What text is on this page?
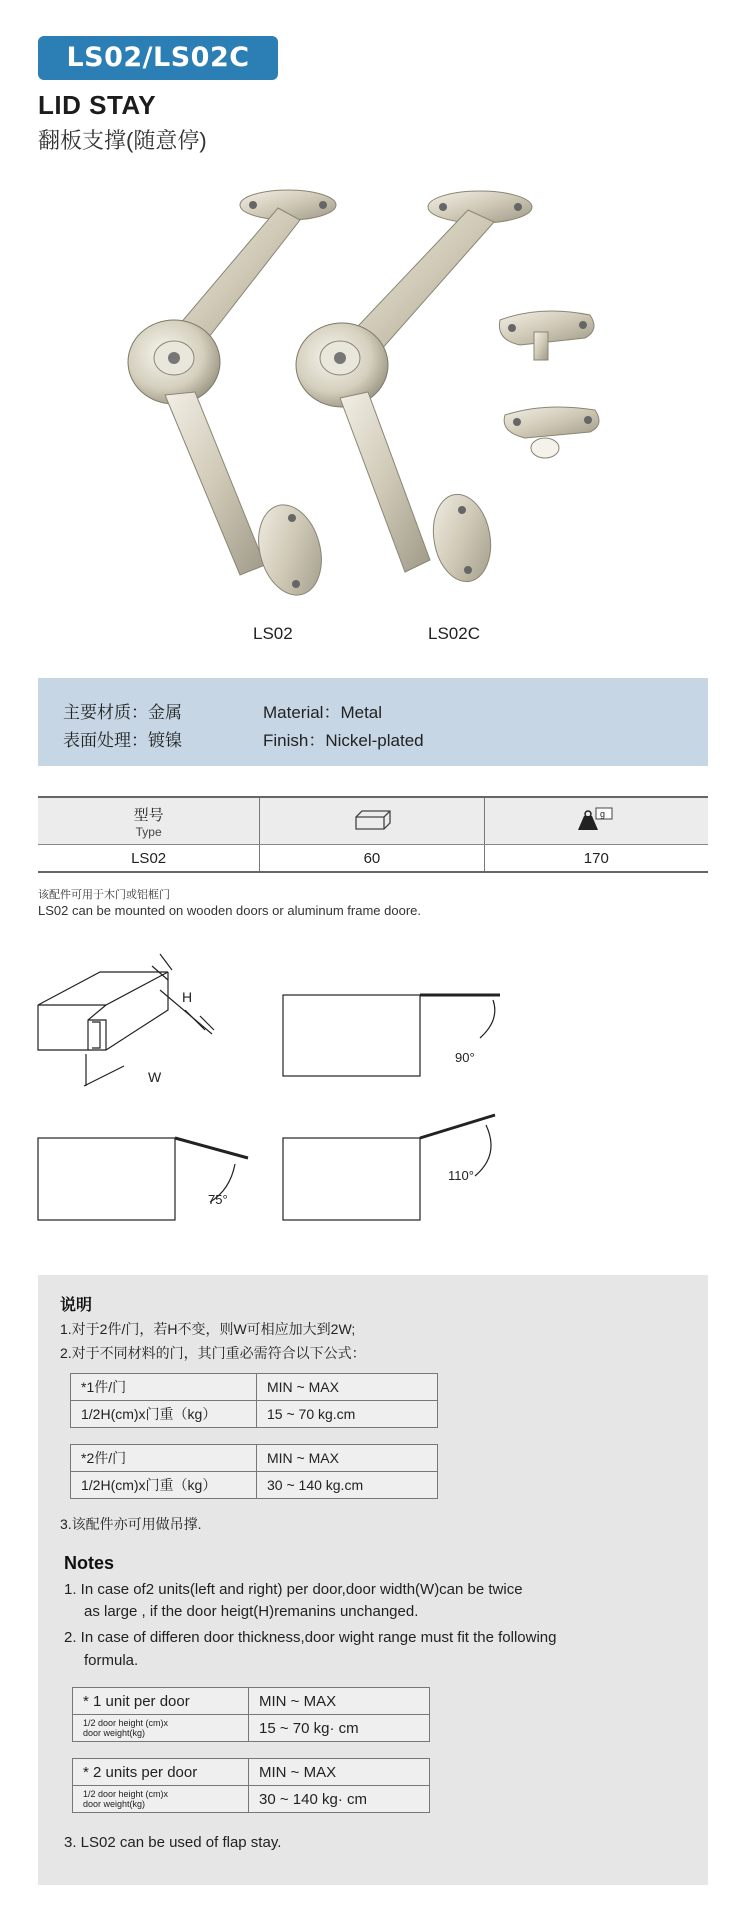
LS02/LS02C
LID STAY
翻板支撑(随意停)
LS02	LS02C
主要材质：金属
表面处理：镀镍
Material：Metal
Finish：Nickel-plated
型号
Type		g

LS02	60	170
该配件可用于木门或铝框门
LS02 can be mounted on wooden doors or aluminum frame doore.
H
W
90°
75°
110°
说明
1.对于2件/门，若H不变，则W可相应加大到2W;
2.对于不同材料的门，其门重必需符合以下公式：
*1件/门	MIN ~ MAX
1/2H(cm)x门重（kg）	15 ~ 70 kg.cm
*2件/门	MIN ~ MAX
1/2H(cm)x门重（kg）	30 ~ 140 kg.cm
3.该配件亦可用做吊撑.
Notes
1. In case of2 units(left and right) per door,door width(W)can be twice
as large , if the door heigt(H)remanins unchanged.
2. In case of differen door thickness,door wight range must fit the following
formula.
* 1 unit per door	MIN ~ MAX

1/2 door height (cm)x
door weight(kg)	15 ~ 70 kg· cm
* 2 units per door	MIN ~ MAX

1/2 door height (cm)x
door weight(kg)	30 ~ 140 kg· cm
3. LS02 can be used of flap stay.
